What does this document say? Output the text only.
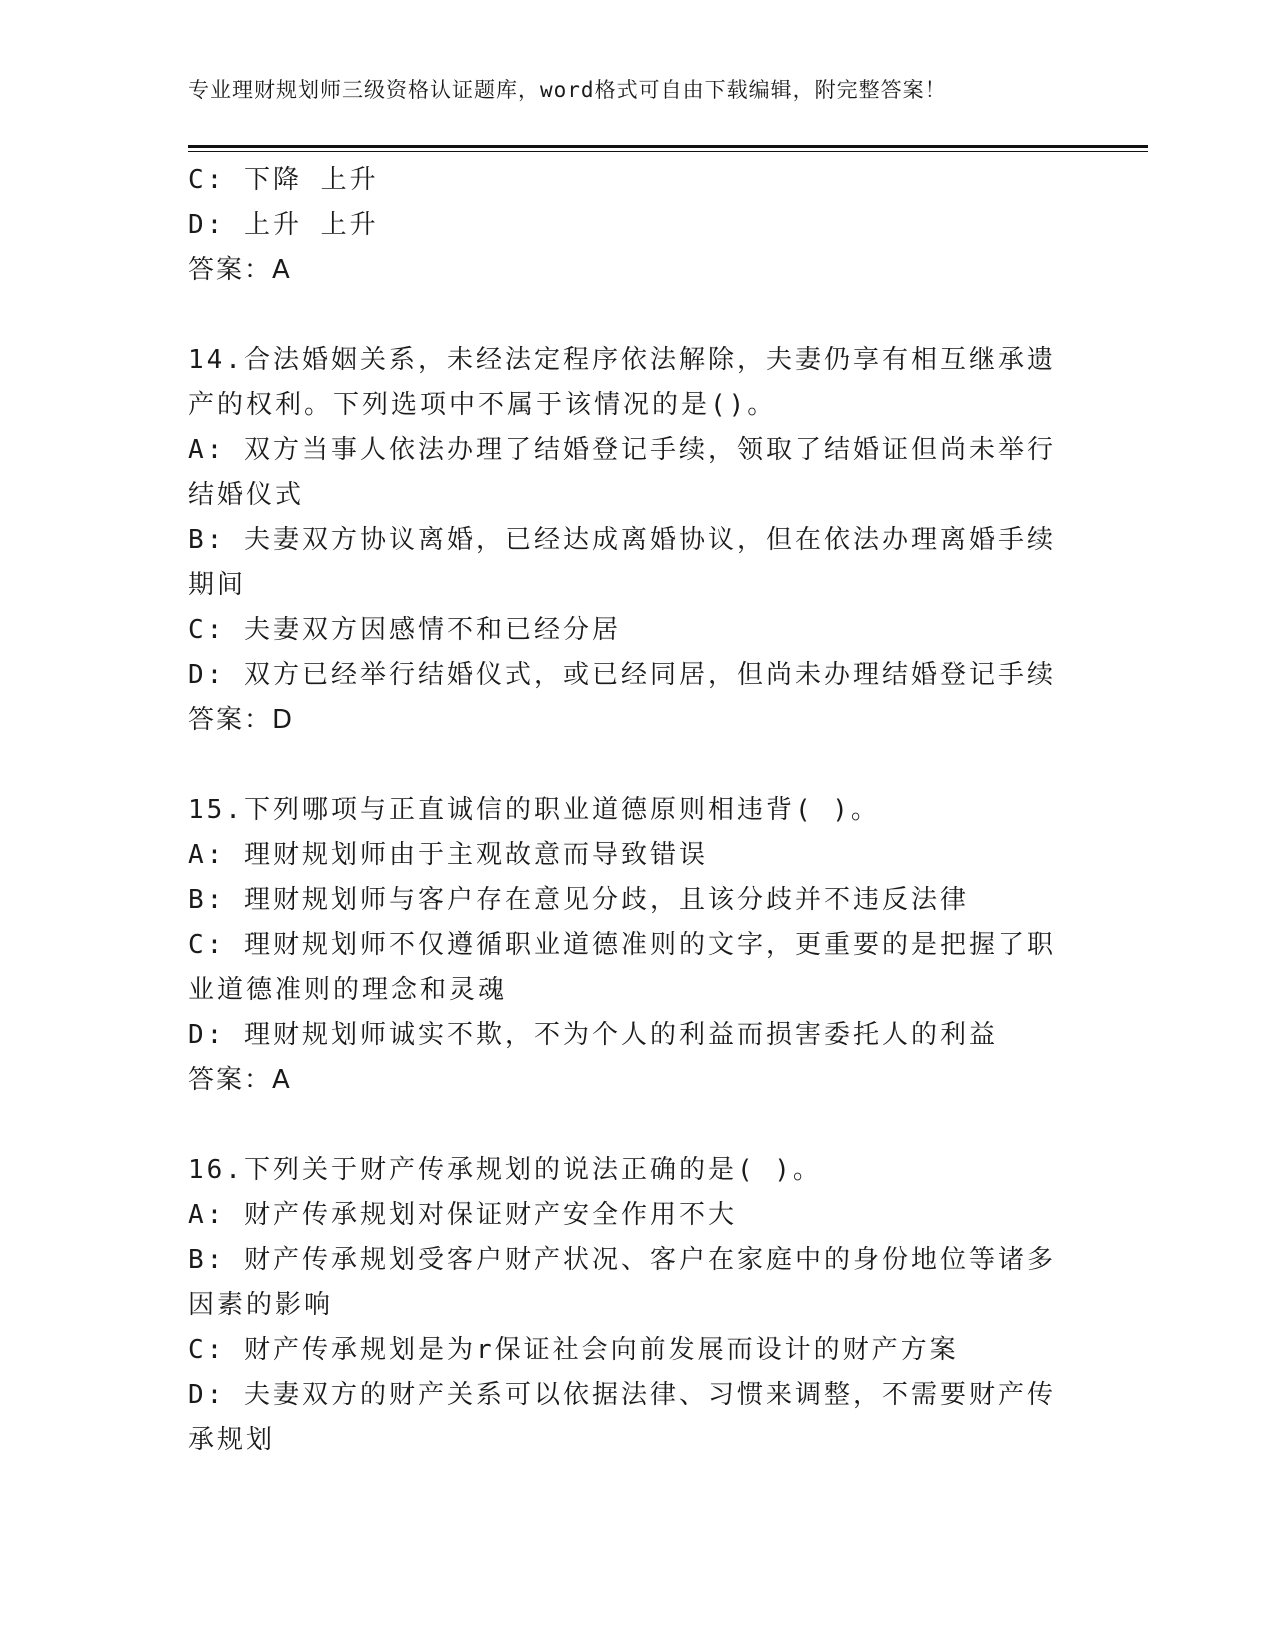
专业理财规划师三级资格认证题库，word格式可自由下载编辑，附完整答案！
C: 下降 上升
D: 上升 上升
答案：A
14.合法婚姻关系，未经法定程序依法解除，夫妻仍享有相互继承遗产的权利。下列选项中不属于该情况的是()。
A: 双方当事人依法办理了结婚登记手续，领取了结婚证但尚未举行结婚仪式
B: 夫妻双方协议离婚，已经达成离婚协议，但在依法办理离婚手续期间
C: 夫妻双方因感情不和已经分居
D: 双方已经举行结婚仪式，或已经同居，但尚未办理结婚登记手续
答案：D
15.下列哪项与正直诚信的职业道德原则相违背( )。
A: 理财规划师由于主观故意而导致错误
B: 理财规划师与客户存在意见分歧，且该分歧并不违反法律
C: 理财规划师不仅遵循职业道德准则的文字，更重要的是把握了职业道德准则的理念和灵魂
D: 理财规划师诚实不欺，不为个人的利益而损害委托人的利益
答案：A
16.下列关于财产传承规划的说法正确的是( )。
A: 财产传承规划对保证财产安全作用不大
B: 财产传承规划受客户财产状况、客户在家庭中的身份地位等诸多因素的影响
C: 财产传承规划是为r保证社会向前发展而设计的财产方案
D: 夫妻双方的财产关系可以依据法律、习惯来调整，不需要财产传承规划
